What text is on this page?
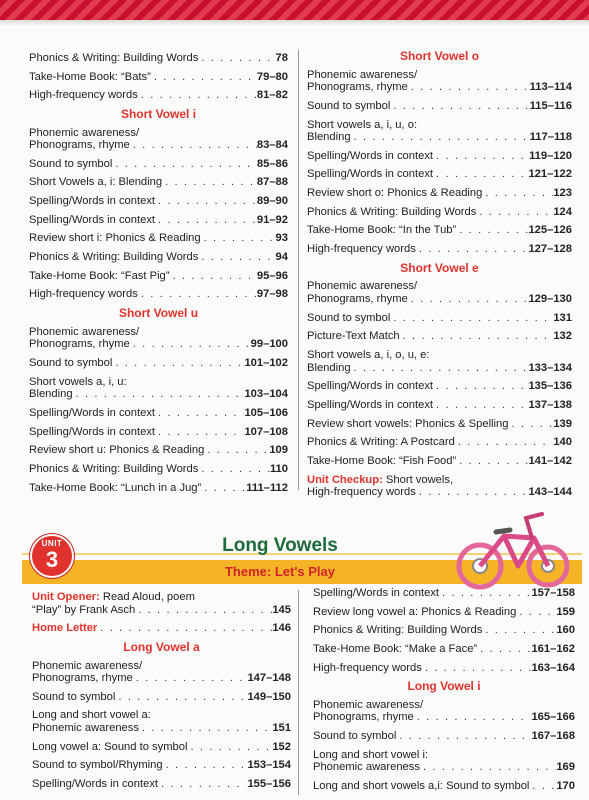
Phonics & Writing: Building Words . . .	78
Take-Home Book: “Bats” . . .	79–80
High-frequency words . . .	81–82
Short Vowel i
Phonemic awareness/
Phonograms, rhyme . . .	83–84
Sound to symbol . . .	85–86
Short Vowels a, i: Blending . . .	87–88
Spelling/Words in context . . .	89–90
Spelling/Words in context . . .	91–92
Review short i: Phonics & Reading . . .	93
Phonics & Writing: Building Words . . .	94
Take-Home Book: “Fast Pig” . . .	95–96
High-frequency words . . .	97–98
Short Vowel u
Phonemic awareness/
Phonograms, rhyme . . .	99–100
Sound to symbol . . .	101–102
Short vowels a, i, u:
Blending . . .	103–104
Spelling/Words in context . . .	105–106
Spelling/Words in context . . .	107–108
Review short u: Phonics & Reading . . .	109
Phonics & Writing: Building Words . . .	110
Take-Home Book: “Lunch in a Jug” . . .	111–112
Short Vowel o
Phonemic awareness/
Phonograms, rhyme . . .	113–114
Sound to symbol . . .	115–116
Short vowels a, i, u, o:
Blending . . .	117–118
Spelling/Words in context . . .	119–120
Spelling/Words in context . . .	121–122
Review short o: Phonics & Reading . . .	123
Phonics & Writing: Building Words . . .	124
Take-Home Book: “In the Tub” . . .	125–126
High-frequency words . . .	127–128
Short Vowel e
Phonemic awareness/
Phonograms, rhyme . . .	129–130
Sound to symbol . . .	131
Picture-Text Match . . .	132
Short vowels a, i, o, u, e:
Blending . . .	133–134
Spelling/Words in context . . .	135–136
Spelling/Words in context . . .	137–138
Review short vowels: Phonics & Spelling . . .	139
Phonics & Writing: A Postcard . . .	140
Take-Home Book: “Fish Food” . . .	141–142
Unit Checkup: Short vowels,
High-frequency words . . .	143–144
UNIT
3
Long Vowels
Theme: Let's Play
Unit Opener: Read Aloud, poem
“Play” by Frank Asch . . .	145
Home Letter . . .	146
Long Vowel a
Phonemic awareness/
Phonograms, rhyme . . .	147–148
Sound to symbol . . .	149–150
Long and short vowel a:
Phonemic awareness . . .	151
Long vowel a: Sound to symbol . . .	152
Sound to symbol/Rhyming . . .	153–154
Spelling/Words in context . . .	155–156
Spelling/Words in context . . .	157–158
Review long vowel a: Phonics & Reading . . .	159
Phonics & Writing: Building Words . . .	160
Take-Home Book: “Make a Face” . . .	161–162
High-frequency words . . .	163–164
Long Vowel i
Phonemic awareness/
Phonograms, rhyme . . .	165–166
Sound to symbol . . .	167–168
Long and short vowel i:
Phonemic awareness . . .	169
Long and short vowels a,i: Sound to symbol . . . 170
